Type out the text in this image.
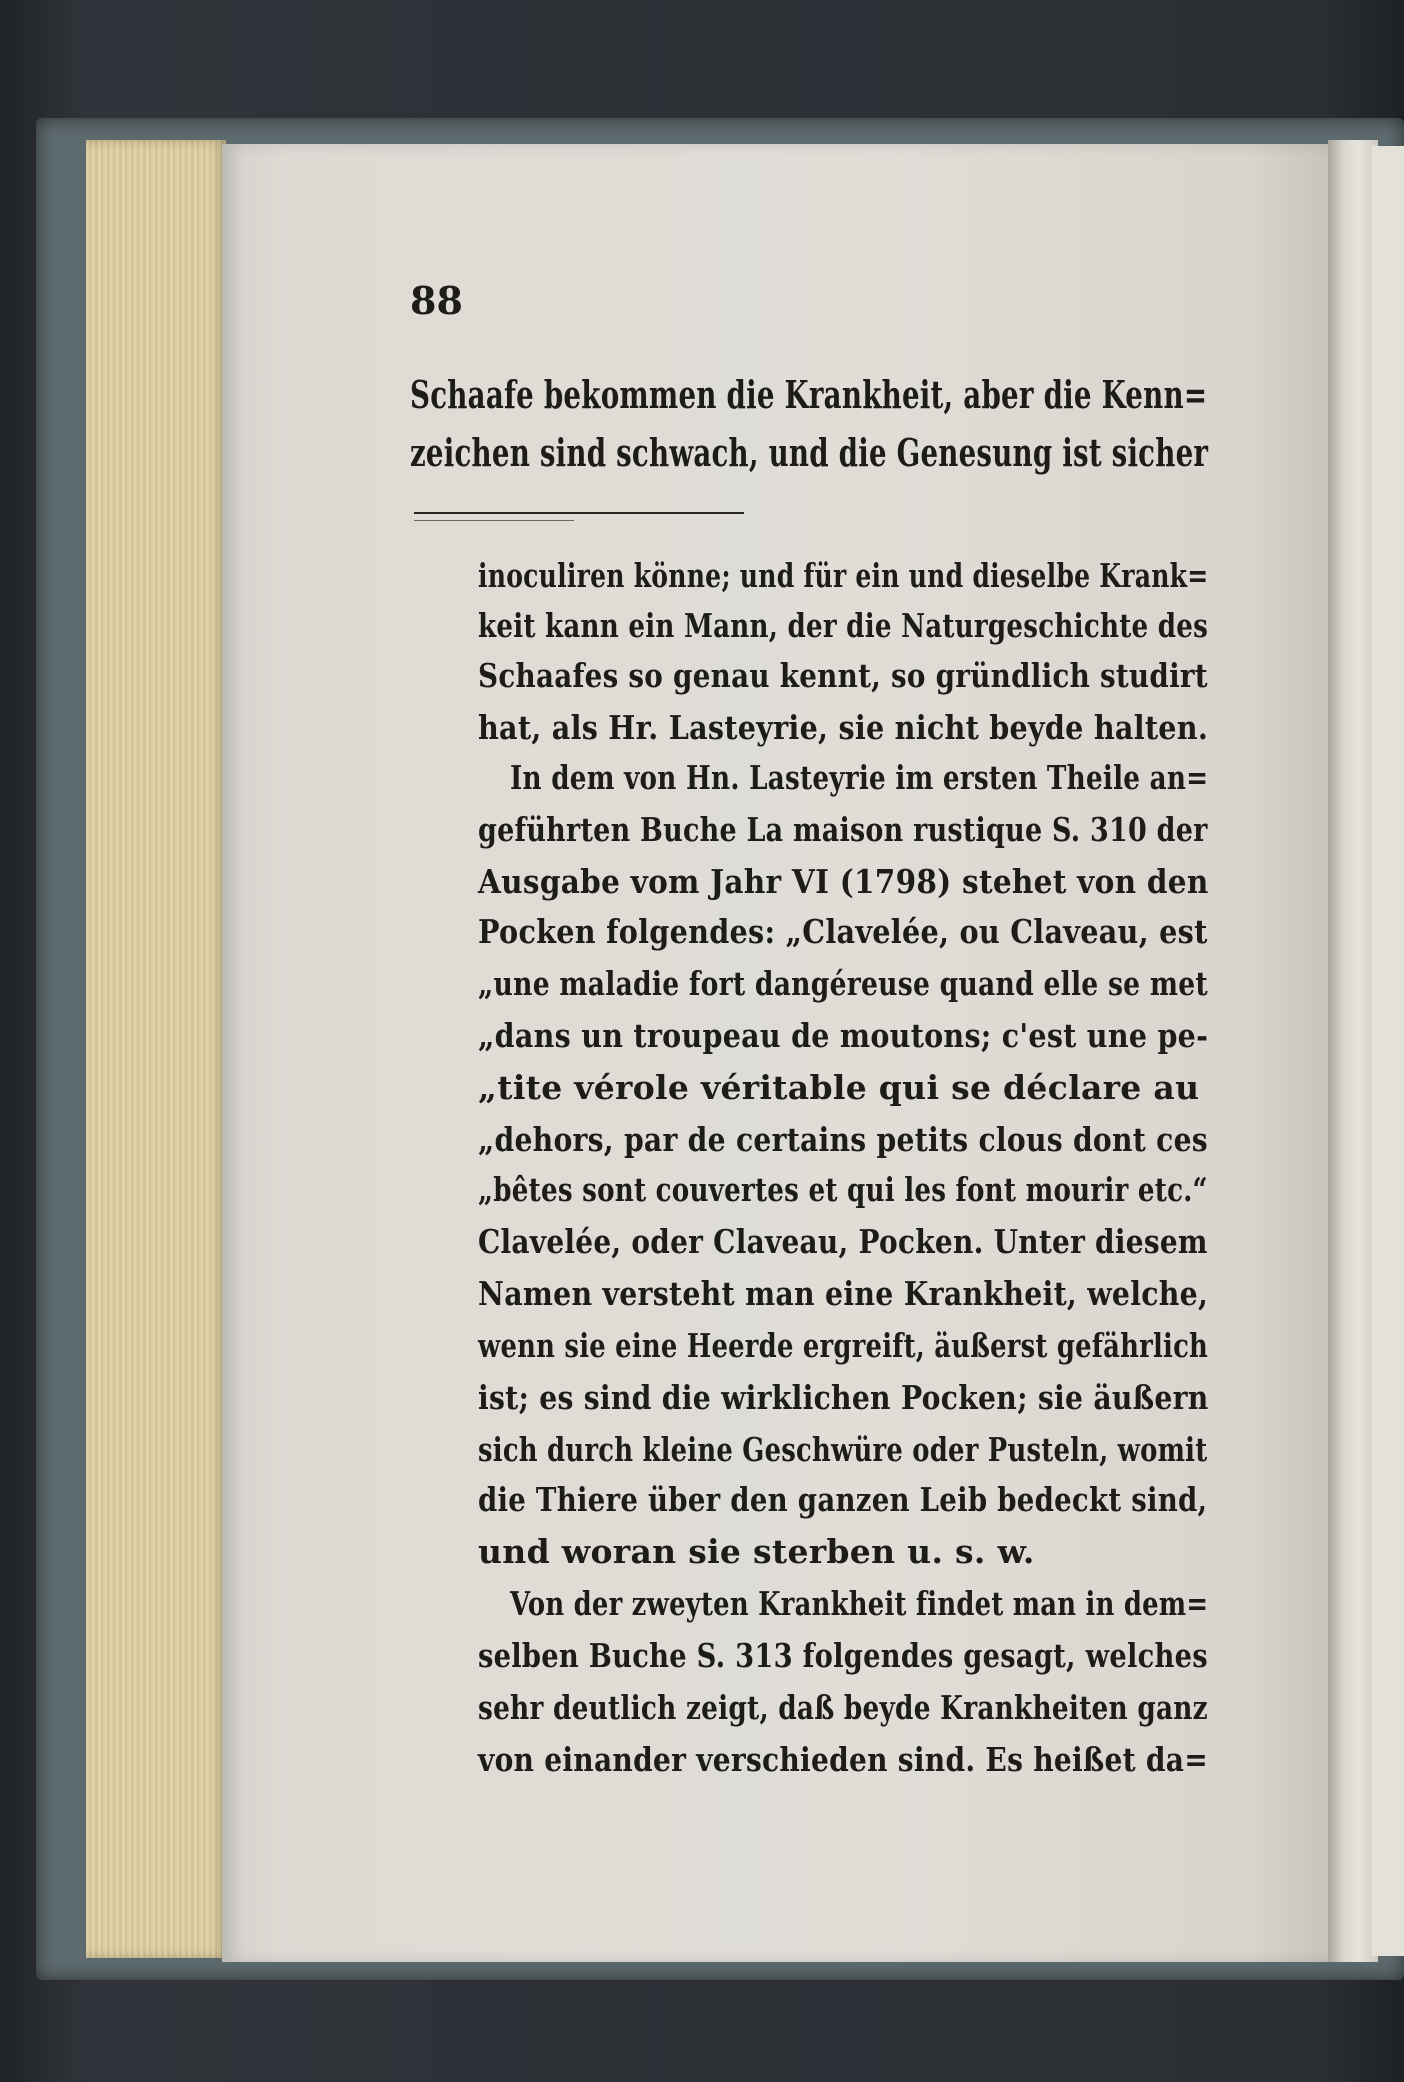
88
Schaafe bekommen die Krankheit, aber die Kenn=
zeichen sind schwach, und die Genesung ist sicher
inoculiren könne; und für ein und dieselbe Krank=
keit kann ein Mann, der die Naturgeschichte des
Schaafes so genau kennt, so gründlich studirt
hat, als Hr. Lasteyrie, sie nicht beyde halten.
In dem von Hn. Lasteyrie im ersten Theile an=
geführten Buche La maison rustique S. 310 der
Ausgabe vom Jahr VI (1798) stehet von den
Pocken folgendes: „Clavelée, ou Claveau, est
„une maladie fort dangéreuse quand elle se met
„dans un troupeau de moutons; c'est une pe-
„tite vérole véritable qui se déclare au
„dehors, par de certains petits clous dont ces
„bêtes sont couvertes et qui les font mourir etc.“
Clavelée, oder Claveau, Pocken. Unter diesem
Namen versteht man eine Krankheit, welche,
wenn sie eine Heerde ergreift, äußerst gefährlich
ist; es sind die wirklichen Pocken; sie äußern
sich durch kleine Geschwüre oder Pusteln, womit
die Thiere über den ganzen Leib bedeckt sind,
und woran sie sterben u. s. w.
Von der zweyten Krankheit findet man in dem=
selben Buche S. 313 folgendes gesagt, welches
sehr deutlich zeigt, daß beyde Krankheiten ganz
von einander verschieden sind. Es heißet da=
